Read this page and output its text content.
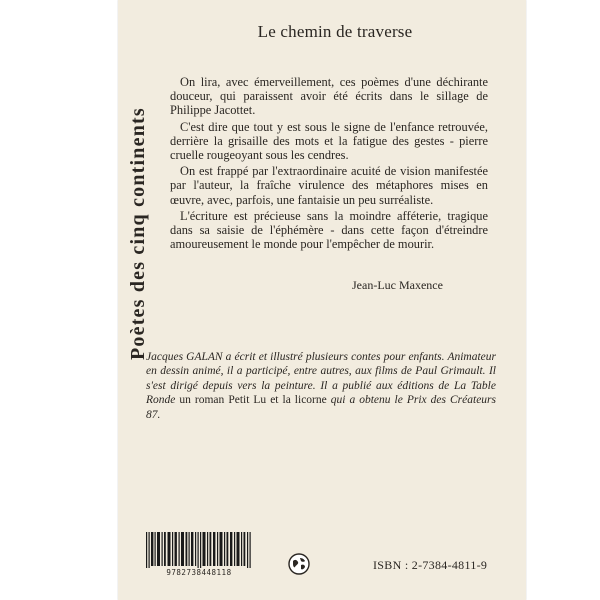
Le chemin de traverse

On lira, avec émerveillement, ces poèmes d'une déchirante douceur, qui paraissent avoir été écrits dans le sillage de Philippe Jacottet.

C'est dire que tout y est sous le signe de l'enfance retrouvée, derrière la grisaille des mots et la fatigue des gestes - pierre cruelle rougeoyant sous les cendres.

On est frappé par l'extraordinaire acuité de vision manifestée par l'auteur, la fraîche virulence des métaphores mises en œuvre, avec, parfois, une fantaisie un peu surréaliste.

L'écriture est précieuse sans la moindre afféterie, tragique dans sa saisie de l'éphémère - dans cette façon d'étreindre amoureusement le monde pour l'empêcher de mourir.

Jean-Luc Maxence
Jacques GALAN a écrit et illustré plusieurs contes pour enfants. Animateur en dessin animé, il a participé, entre autres, aux films de Paul Grimault. Il s'est dirigé depuis vers la peinture. Il a publié aux éditions de La Table Ronde un roman Petit Lu et la licorne qui a obtenu le Prix des Créateurs 87.
9782738448118
ISBN : 2-7384-4811-9
Poètes des cinq continents
